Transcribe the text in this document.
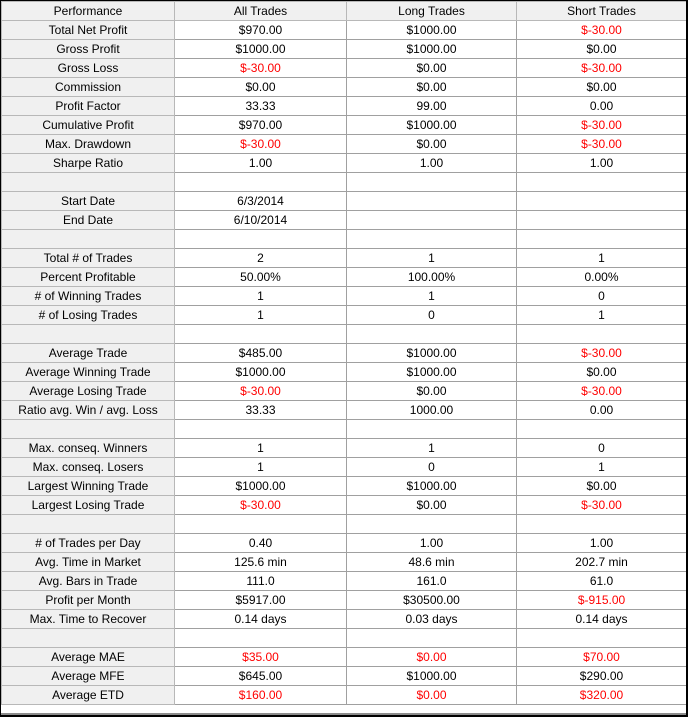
Performance	All Trades	Long Trades	Short Trades
Total Net Profit	$970.00	$1000.00	$-30.00
Gross Profit	$1000.00	$1000.00	$0.00
Gross Loss	$-30.00	$0.00	$-30.00
Commission	$0.00	$0.00	$0.00
Profit Factor	33.33	99.00	0.00
Cumulative Profit	$970.00	$1000.00	$-30.00
Max. Drawdown	$-30.00	$0.00	$-30.00
Sharpe Ratio	1.00	1.00	1.00

Start Date	6/3/2014		
End Date	6/10/2014		

Total # of Trades	2	1	1
Percent Profitable	50.00%	100.00%	0.00%
# of Winning Trades	1	1	0
# of Losing Trades	1	0	1

Average Trade	$485.00	$1000.00	$-30.00
Average Winning Trade	$1000.00	$1000.00	$0.00
Average Losing Trade	$-30.00	$0.00	$-30.00
Ratio avg. Win / avg. Loss	33.33	1000.00	0.00

Max. conseq. Winners	1	1	0
Max. conseq. Losers	1	0	1
Largest Winning Trade	$1000.00	$1000.00	$0.00
Largest Losing Trade	$-30.00	$0.00	$-30.00

# of Trades per Day	0.40	1.00	1.00
Avg. Time in Market	125.6 min	48.6 min	202.7 min
Avg. Bars in Trade	111.0	161.0	61.0
Profit per Month	$5917.00	$30500.00	$-915.00
Max. Time to Recover	0.14 days	0.03 days	0.14 days

Average MAE	$35.00	$0.00	$70.00
Average MFE	$645.00	$1000.00	$290.00
Average ETD	$160.00	$0.00	$320.00
